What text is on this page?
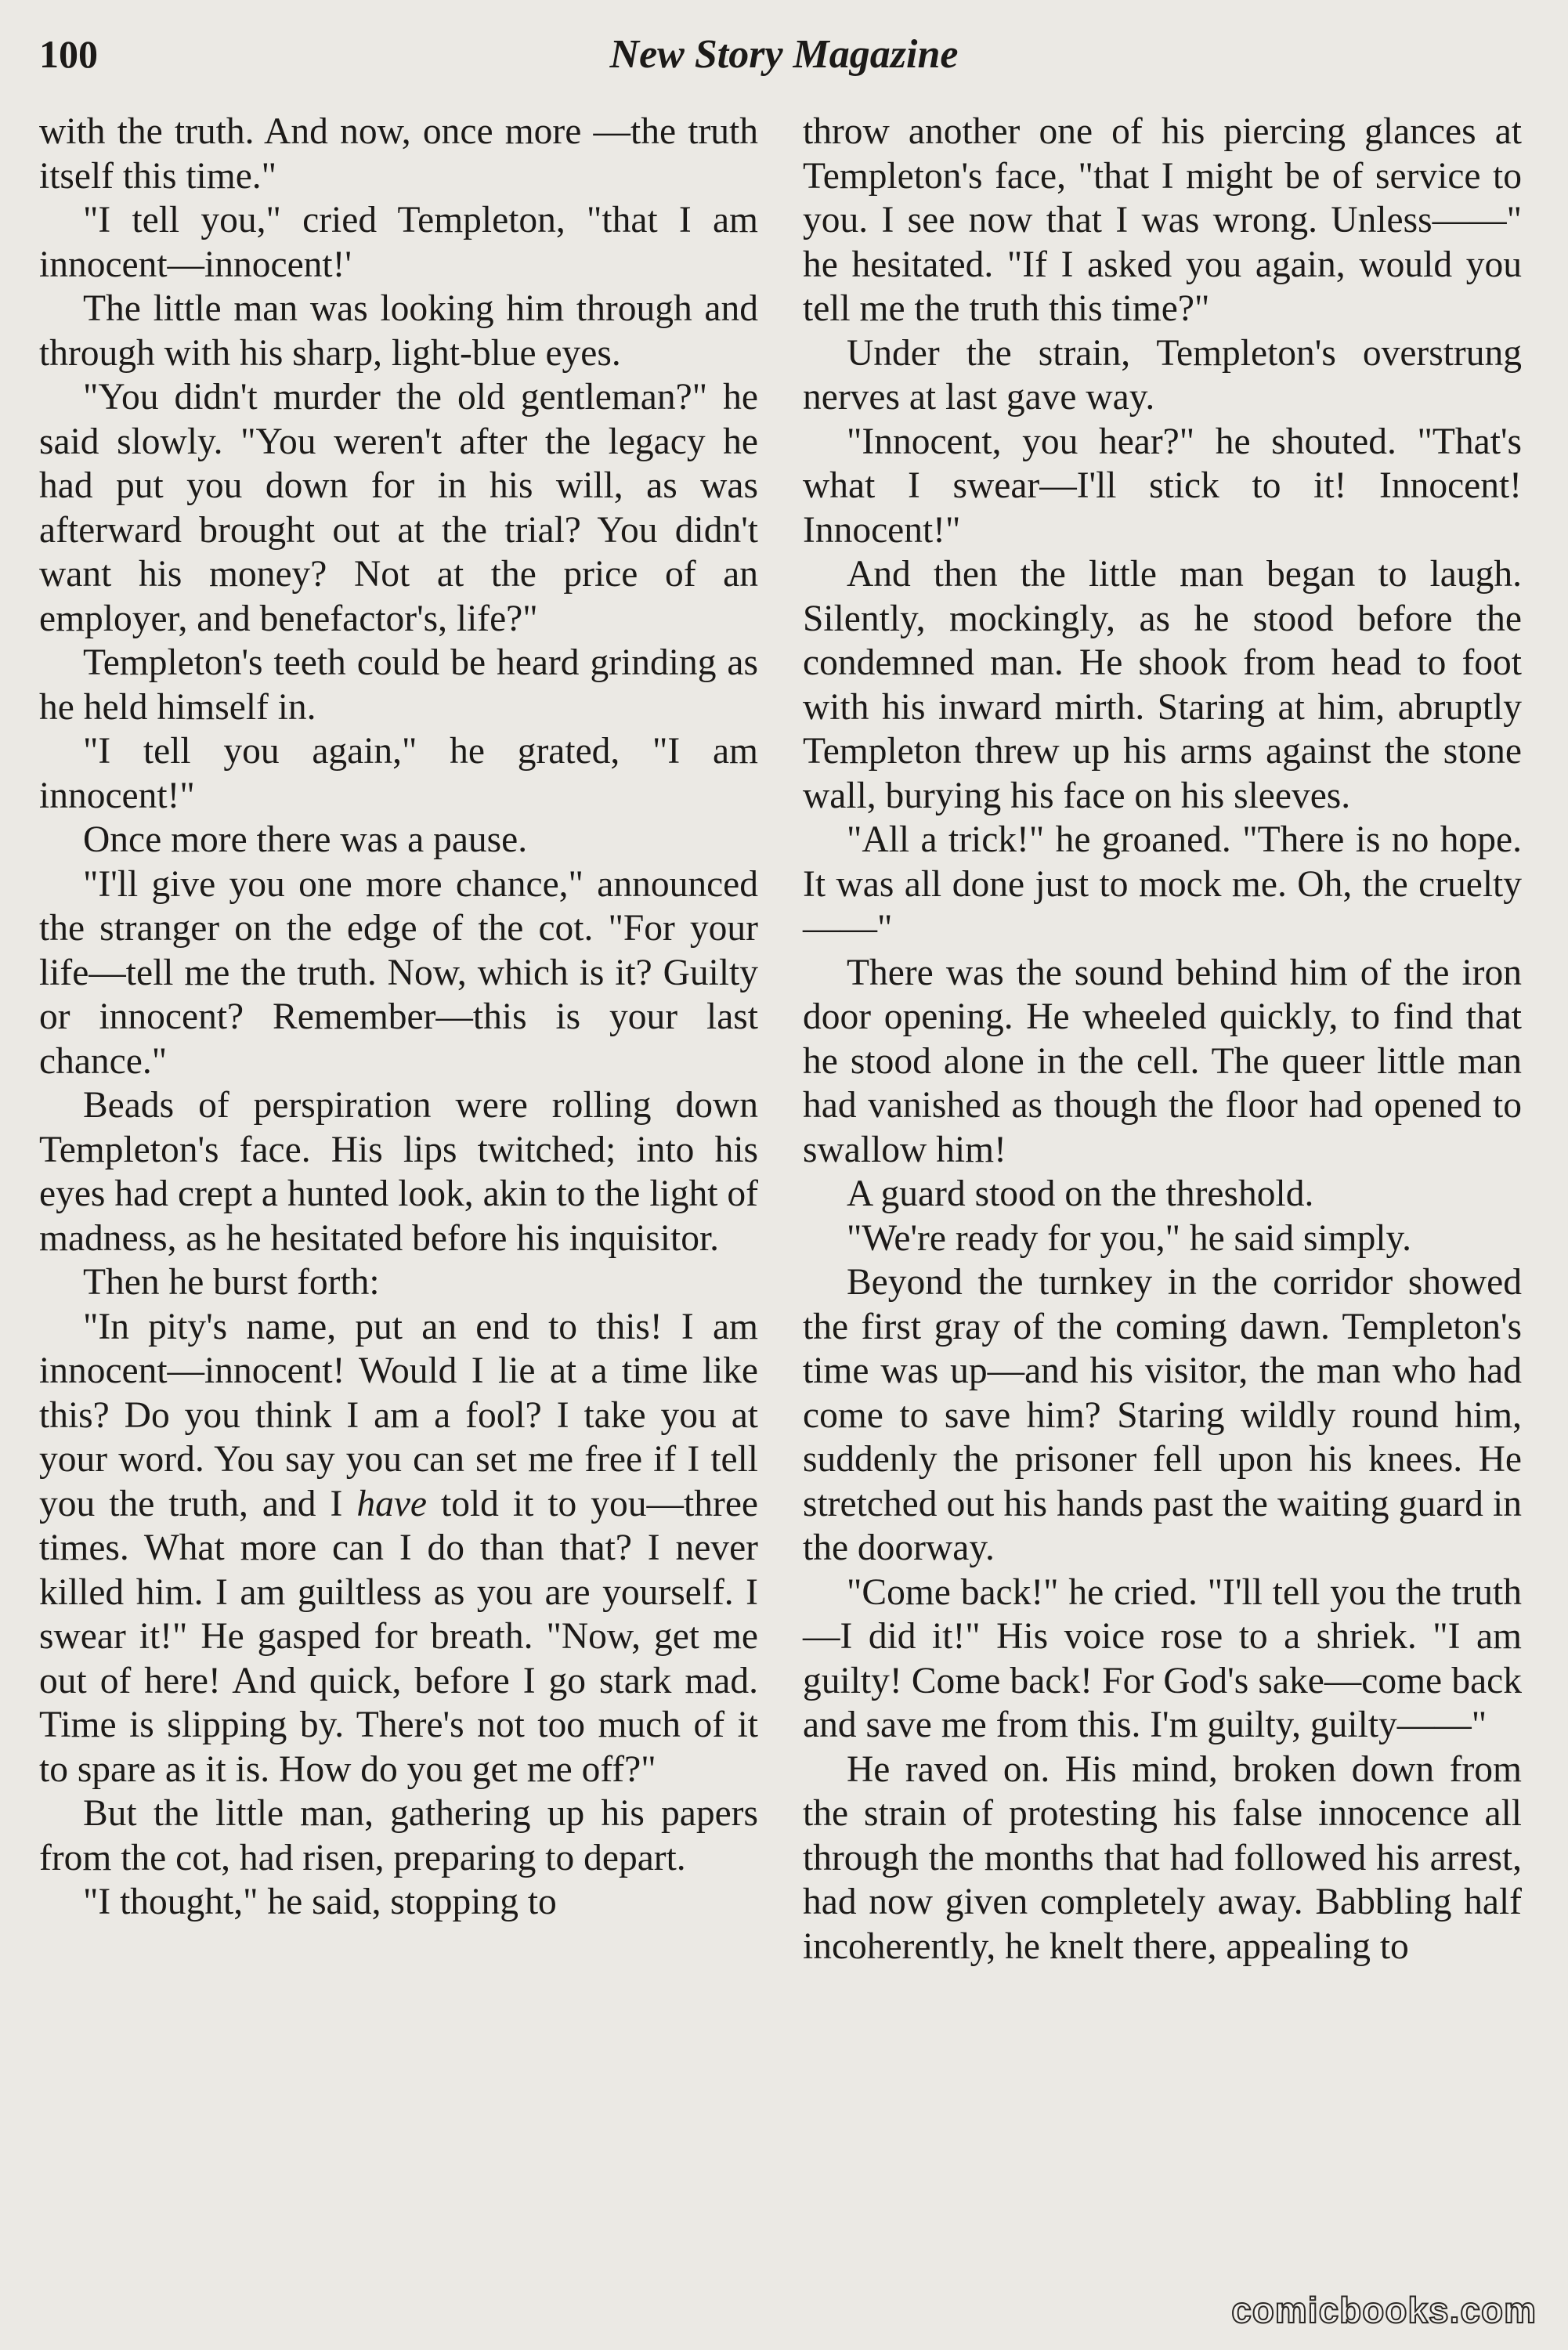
100	New Story Magazine

with the truth. And now, once more —the truth itself this time."

"I tell you," cried Templeton, "that I am innocent—innocent!'

The little man was looking him through and through with his sharp, light-blue eyes.

"You didn't murder the old gentleman?" he said slowly. "You weren't after the legacy he had put you down for in his will, as was afterward brought out at the trial? You didn't want his money? Not at the price of an employer, and benefactor's, life?"

Templeton's teeth could be heard grinding as he held himself in.

"I tell you again," he grated, "I am innocent!"

Once more there was a pause.

"I'll give you one more chance," announced the stranger on the edge of the cot. "For your life—tell me the truth. Now, which is it? Guilty or innocent? Remember—this is your last chance."

Beads of perspiration were rolling down Templeton's face. His lips twitched; into his eyes had crept a hunted look, akin to the light of madness, as he hesitated before his inquisitor.

Then he burst forth:

"In pity's name, put an end to this! I am innocent—innocent! Would I lie at a time like this? Do you think I am a fool? I take you at your word. You say you can set me free if I tell you the truth, and I have told it to you—three times. What more can I do than that? I never killed him. I am guiltless as you are yourself. I swear it!" He gasped for breath. "Now, get me out of here! And quick, before I go stark mad. Time is slipping by. There's not too much of it to spare as it is. How do you get me off?"

But the little man, gathering up his papers from the cot, had risen, preparing to depart.

"I thought," he said, stopping to

throw another one of his piercing glances at Templeton's face, "that I might be of service to you. I see now that I was wrong. Unless——" he hesitated. "If I asked you again, would you tell me the truth this time?"

Under the strain, Templeton's overstrung nerves at last gave way.

"Innocent, you hear?" he shouted. "That's what I swear—I'll stick to it! Innocent! Innocent!"

And then the little man began to laugh. Silently, mockingly, as he stood before the condemned man. He shook from head to foot with his inward mirth. Staring at him, abruptly Templeton threw up his arms against the stone wall, burying his face on his sleeves.

"All a trick!" he groaned. "There is no hope. It was all done just to mock me. Oh, the cruelty——"

There was the sound behind him of the iron door opening. He wheeled quickly, to find that he stood alone in the cell. The queer little man had vanished as though the floor had opened to swallow him!

A guard stood on the threshold.

"We're ready for you," he said simply.

Beyond the turnkey in the corridor showed the first gray of the coming dawn. Templeton's time was up—and his visitor, the man who had come to save him? Staring wildly round him, suddenly the prisoner fell upon his knees. He stretched out his hands past the waiting guard in the doorway.

"Come back!" he cried. "I'll tell you the truth—I did it!" His voice rose to a shriek. "I am guilty! Come back! For God's sake—come back and save me from this. I'm guilty, guilty——"

He raved on. His mind, broken down from the strain of protesting his false innocence all through the months that had followed his arrest, had now given completely away. Babbling half incoherently, he knelt there, appealing to

comicbooks.com
